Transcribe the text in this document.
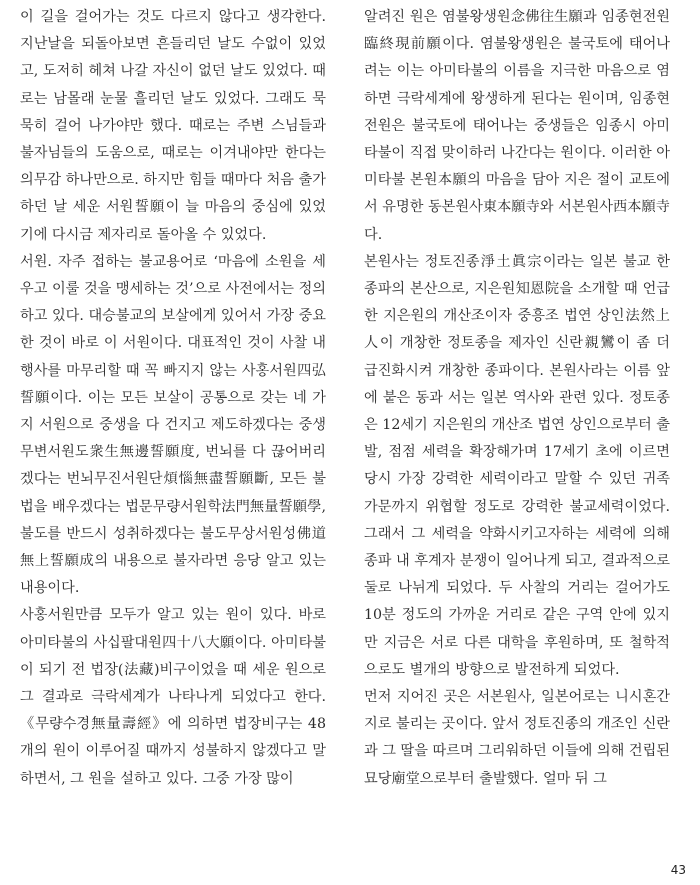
이 길을 걸어가는 것도 다르지 않다고 생각한다. 지난날을 되돌아보면 흔들리던 날도 수없이 있었고, 도저히 헤쳐 나갈 자신이 없던 날도 있었다. 때로는 남몰래 눈물 흘리던 날도 있었다. 그래도 묵묵히 걸어 나가야만 했다. 때로는 주변 스님들과 불자님들의 도움으로, 때로는 이겨내야만 한다는 의무감 하나만으로. 하지만 힘들 때마다 처음 출가하던 날 세운 서원誓願이 늘 마음의 중심에 있었기에 다시금 제자리로 돌아올 수 있었다.

서원. 자주 접하는 불교용어로 ‘마음에 소원을 세우고 이룰 것을 맹세하는 것’으로 사전에서는 정의하고 있다. 대승불교의 보살에게 있어서 가장 중요한 것이 바로 이 서원이다. 대표적인 것이 사찰 내 행사를 마무리할 때 꼭 빠지지 않는 사홍서원四弘誓願이다. 이는 모든 보살이 공통으로 갖는 네 가지 서원으로 중생을 다 건지고 제도하겠다는 중생무변서원도衆生無邊誓願度, 번뇌를 다 끊어버리겠다는 번뇌무진서원단煩惱無盡誓願斷, 모든 불법을 배우겠다는 법문무량서원학法門無量誓願學, 불도를 반드시 성취하겠다는 불도무상서원성佛道無上誓願成의 내용으로 불자라면 응당 알고 있는 내용이다.

사홍서원만큼 모두가 알고 있는 원이 있다. 바로 아미타불의 사십팔대원四十八大願이다. 아미타불이 되기 전 법장(法藏)비구이었을 때 세운 원으로 그 결과로 극락세계가 나타나게 되었다고 한다.《무량수경無量壽經》에 의하면 법장비구는 48개의 원이 이루어질 때까지 성불하지 않겠다고 말하면서, 그 원을 설하고 있다. 그중 가장 많이

알려진 원은 염불왕생원念佛往生願과 임종현전원臨終現前願이다. 염불왕생원은 불국토에 태어나려는 이는 아미타불의 이름을 지극한 마음으로 염하면 극락세계에 왕생하게 된다는 원이며, 임종현전원은 불국토에 태어나는 중생들은 임종시 아미타불이 직접 맞이하러 나간다는 원이다. 이러한 아미타불 본원本願의 마음을 담아 지은 절이 교토에서 유명한 동본원사東本願寺와 서본원사西本願寺다.

본원사는 정토진종淨土眞宗이라는 일본 불교 한 종파의 본산으로, 지은원知恩院을 소개할 때 언급한 지은원의 개산조이자 중흥조 법연 상인法然上人이 개창한 정토종을 제자인 신란親鸞이 좀 더 급진화시켜 개창한 종파이다. 본원사라는 이름 앞에 붙은 동과 서는 일본 역사와 관련 있다. 정토종은 12세기 지은원의 개산조 법연 상인으로부터 출발, 점점 세력을 확장해가며 17세기 초에 이르면 당시 가장 강력한 세력이라고 말할 수 있던 귀족 가문까지 위협할 정도로 강력한 불교세력이었다. 그래서 그 세력을 약화시키고자하는 세력에 의해 종파 내 후계자 분쟁이 일어나게 되고, 결과적으로 둘로 나뉘게 되었다. 두 사찰의 거리는 걸어가도 10분 정도의 가까운 거리로 같은 구역 안에 있지만 지금은 서로 다른 대학을 후원하며, 또 철학적으로도 별개의 방향으로 발전하게 되었다.

먼저 지어진 곳은 서본원사, 일본어로는 니시혼간지로 불리는 곳이다. 앞서 정토진종의 개조인 신란과 그 딸을 따르며 그리워하던 이들에 의해 건립된 묘당廟堂으로부터 출발했다. 얼마 뒤 그

43
